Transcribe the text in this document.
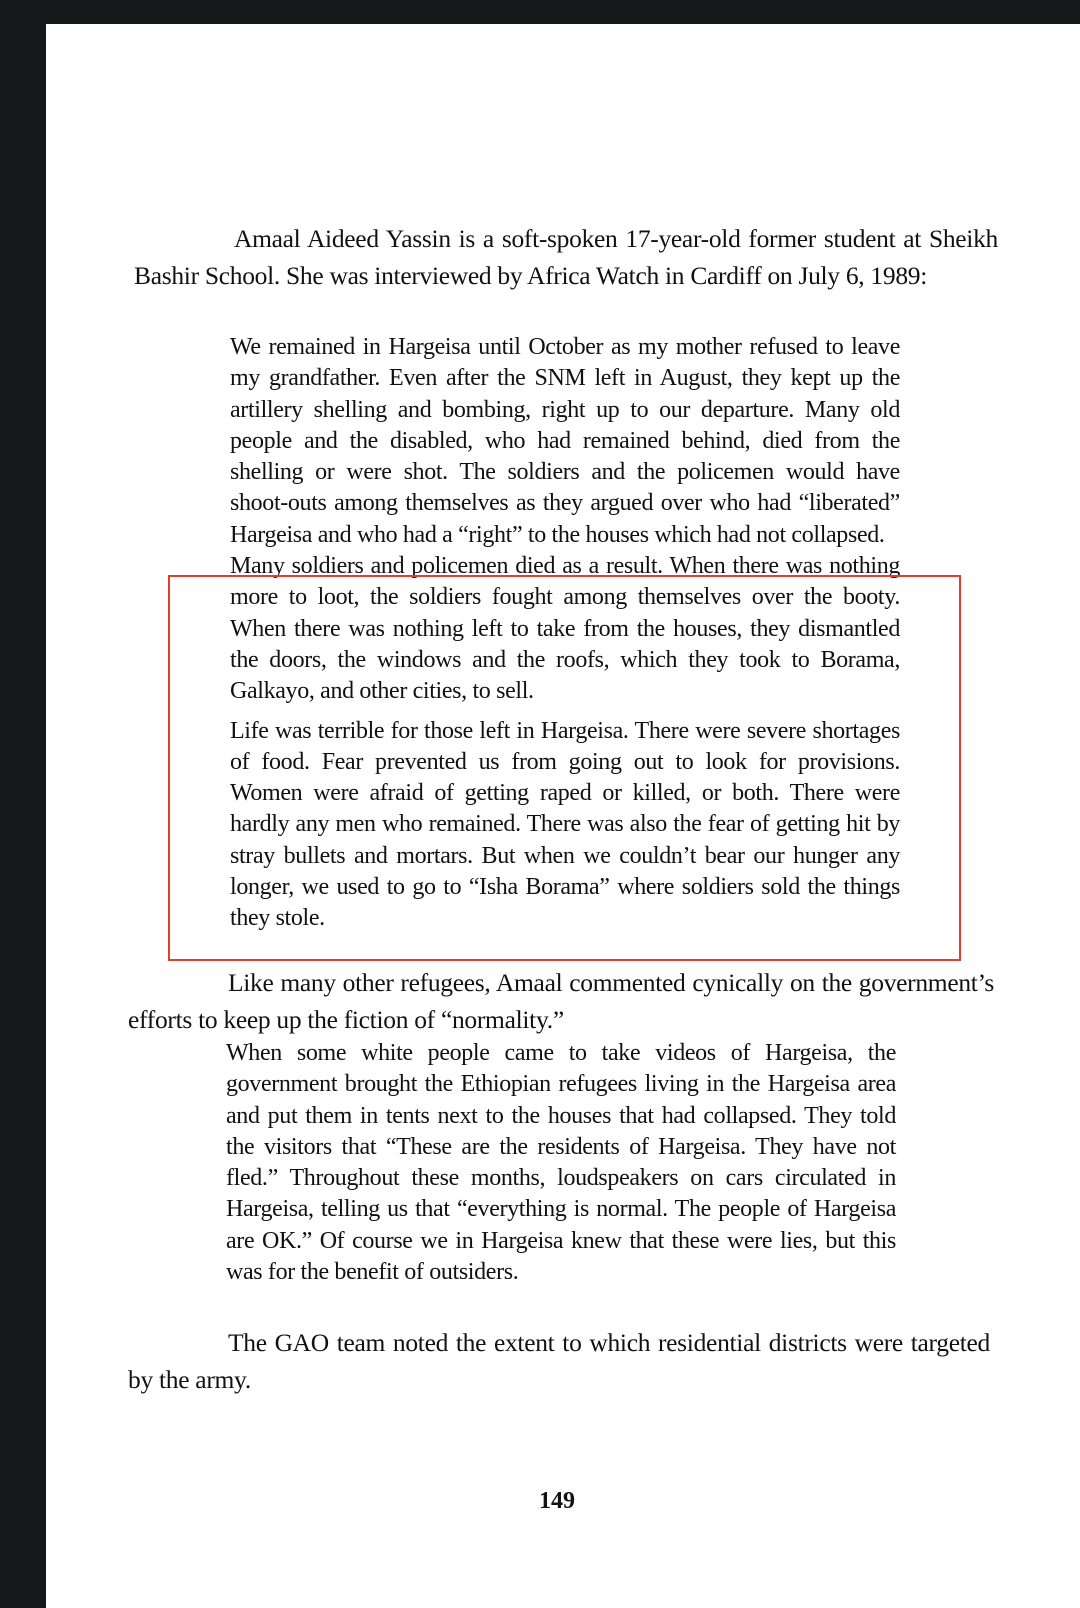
Amaal Aideed Yassin is a soft-spoken 17-year-old former student at Sheikh Bashir School. She was interviewed by Africa Watch in Cardiff on July 6, 1989:

We remained in Hargeisa until October as my mother refused to leave my grandfather. Even after the SNM left in August, they kept up the artillery shelling and bombing, right up to our departure. Many old people and the disabled, who had remained behind, died from the shelling or were shot. The soldiers and the policemen would have shoot-outs among themselves as they argued over who had “liberated” Hargeisa and who had a “right” to the houses which had not collapsed.

Many soldiers and policemen died as a result. When there was nothing more to loot, the soldiers fought among themselves over the booty. When there was nothing left to take from the houses, they dismantled the doors, the windows and the roofs, which they took to Borama, Galkayo, and other cities, to sell.

Life was terrible for those left in Hargeisa. There were severe shortages of food. Fear prevented us from going out to look for provisions. Women were afraid of getting raped or killed, or both. There were hardly any men who remained. There was also the fear of getting hit by stray bullets and mortars. But when we couldn’t bear our hunger any longer, we used to go to “Isha Borama” where soldiers sold the things they stole.

Like many other refugees, Amaal commented cynically on the government’s efforts to keep up the fiction of “normality.”

When some white people came to take videos of Hargeisa, the government brought the Ethiopian refugees living in the Hargeisa area and put them in tents next to the houses that had collapsed. They told the visitors that “These are the residents of Hargeisa. They have not fled.” Throughout these months, loudspeakers on cars circulated in Hargeisa, telling us that “everything is normal. The people of Hargeisa are OK.” Of course we in Hargeisa knew that these were lies, but this was for the benefit of outsiders.

The GAO team noted the extent to which residential districts were targeted by the army.

149
